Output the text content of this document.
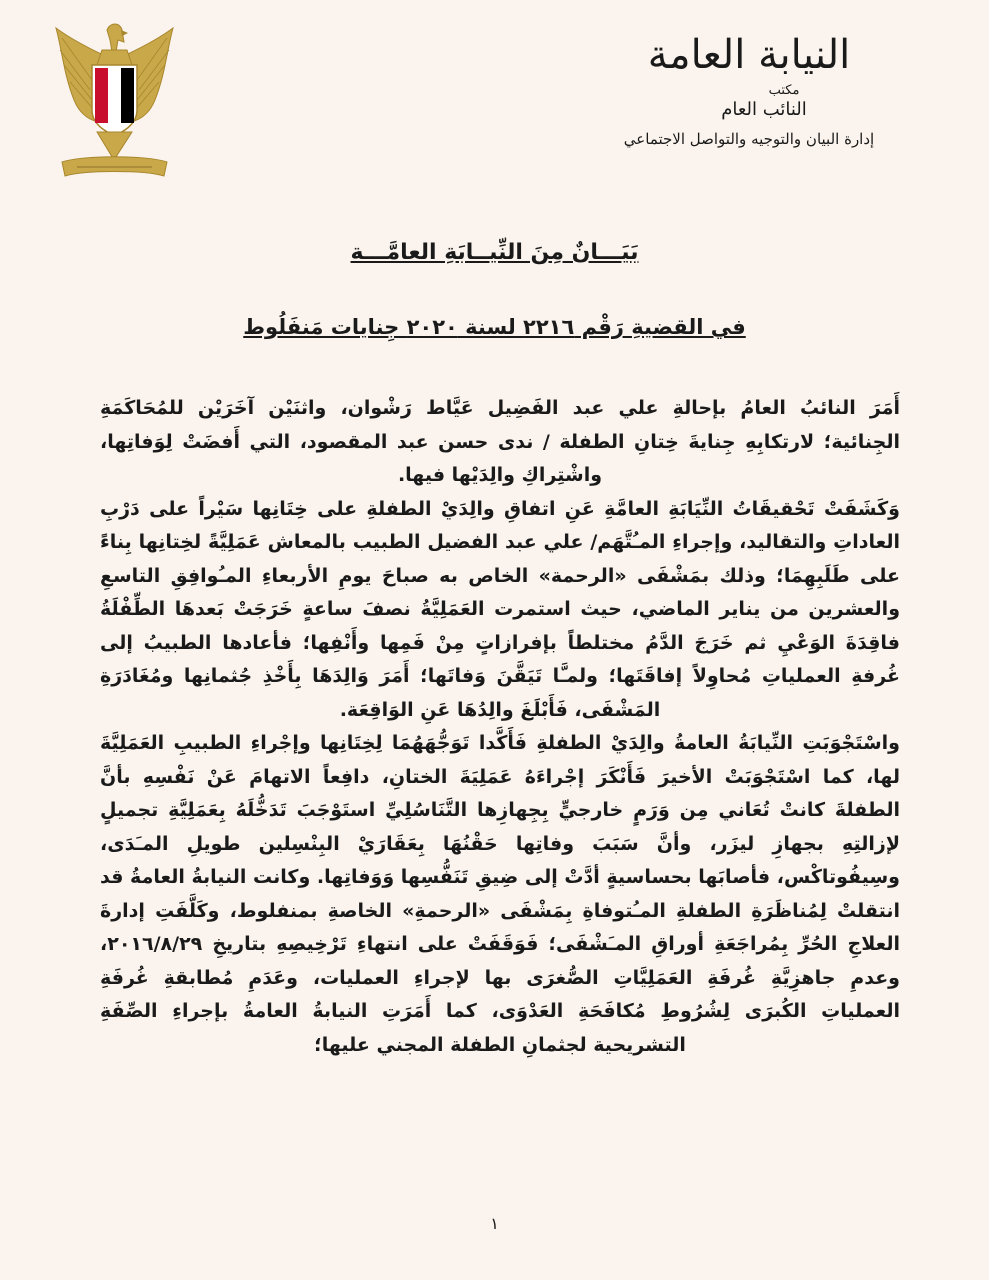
النيابة العامة
مكتب
النائب العام
إدارة البيان والتوجيه والتواصل الاجتماعي
بَيَـــانٌ مِنَ النِّيــابَةِ العامَّـــة
في القضيةِ رَقْم ٢٢١٦ لسنة ٢٠٢٠ جِنايات مَنفَلُوط

أَمَرَ النائبُ العامُ بإحالةِ علي عبد الفَضِيل عَيَّاط رَشْوان، واثنَيْن آخَرَيْن للمُحَاكَمَةِ الجِنائية؛ لارتكابِهِ جِنايةَ خِتانِ الطفلة / ندى حسن عبد المقصود، التي أَفضَتْ لِوَفاتِها، واشْتِراكِ والِدَيْها فيها.

وَكَشَفَتْ تَحْقيقَاتُ النِّيَابَةِ العامَّةِ عَنِ اتفاقِ والِدَيْ الطفلةِ على خِتَانِها سَيْراً على دَرْبِ العاداتِ والتقاليد، وإجراءِ المـُتَّهَم/ علي عبد الفضيل الطبيب بالمعاش عَمَلِيَّةً لخِتانِها بِناءً على طَلَبِهِمَا؛ وذلك بمَشْفَى «الرحمة» الخاص به صباحَ يومِ الأربعاءِ المـُوافِقِ التاسعِ والعشرين من يناير الماضي، حيث استمرت العَمَلِيَّةُ نصفَ ساعةٍ خَرَجَتْ بَعدهَا الطِّفْلَةُ فاقِدَةَ الوَعْيِ ثم خَرَجَ الدَّمُ مختلطاً بإفرازاتٍ مِنْ فَمِها وأَنْفِها؛ فأعادها الطبيبُ إلى غُرفةِ العملياتِ مُحاوِلاً إفاقَتَها؛ ولمـَّا تَيَقَّنَ وَفاتَها؛ أَمَرَ وَالِدَهَا بِأَخْذِ جُثمانِها ومُغَادَرَةِ المَشْفَى، فَأَبْلَغَ والِدُهَا عَنِ الوَاقِعَة.

واسْتَجْوَبَتِ النِّيابَةُ العامةُ والِدَيْ الطفلةِ فَأَكَّدا تَوَجُّهَهُمَا لِخِتَانِها وإجْراءِ الطبيبِ العَمَلِيَّةَ لها، كما اسْتَجْوَبَتْ الأخيرَ فَأَنْكَرَ إجْراءَهُ عَمَلِيَةَ الختانِ، دافِعاً الاتهامَ عَنْ نَفْسِهِ بأنَّ الطفلةَ كانتْ تُعَاني مِن وَرَمٍ خارجيٍّ بِجِهازِها التَّنَاسُلِيِّ استَوْجَبَ تَدَخُّلَهُ بِعَمَلِيَّةِ تجميلٍ لإزالتِهِ بجهازِ ليزَر، وأنَّ سَبَبَ وفاتِها حَقْنُهَا بِعَقَارَيْ البِنْسِلين طويلِ المـَدَى، وسِيفُوتاكْس، فأصابَها بحساسيةٍ أدَّتْ إلى ضِيقِ تَنَفُّسِها وَوَفاتِها. وكانت النيابةُ العامةُ قد انتقلتْ لِمُناظَرَةِ الطفلةِ المـُتوفاةِ بِمَشْفَى «الرحمةِ» الخاصةِ بمنفلوط، وكَلَّفَتِ إدارةَ العلاجِ الحُرِّ بِمُراجَعَةِ أوراقِ المـَشْفَى؛ فَوَقَفَتْ على انتهاءِ تَرْخِيصِهِ بتاريخِ ٢٠١٦/٨/٢٩، وعدمِ جاهزِيَّةِ غُرفَةِ العَمَلِيَّاتِ الصُّغرَى بها لإجراءِ العمليات، وعَدَمِ مُطابقةِ غُرفَةِ العملياتِ الكُبرَى لِشُرُوطِ مُكافَحَةِ العَدْوَى، كما أَمَرَتِ النيابةُ العامةُ بإجراءِ الصِّفَةِ التشريحية لجثمانِ الطفلة المجني عليها؛

١
